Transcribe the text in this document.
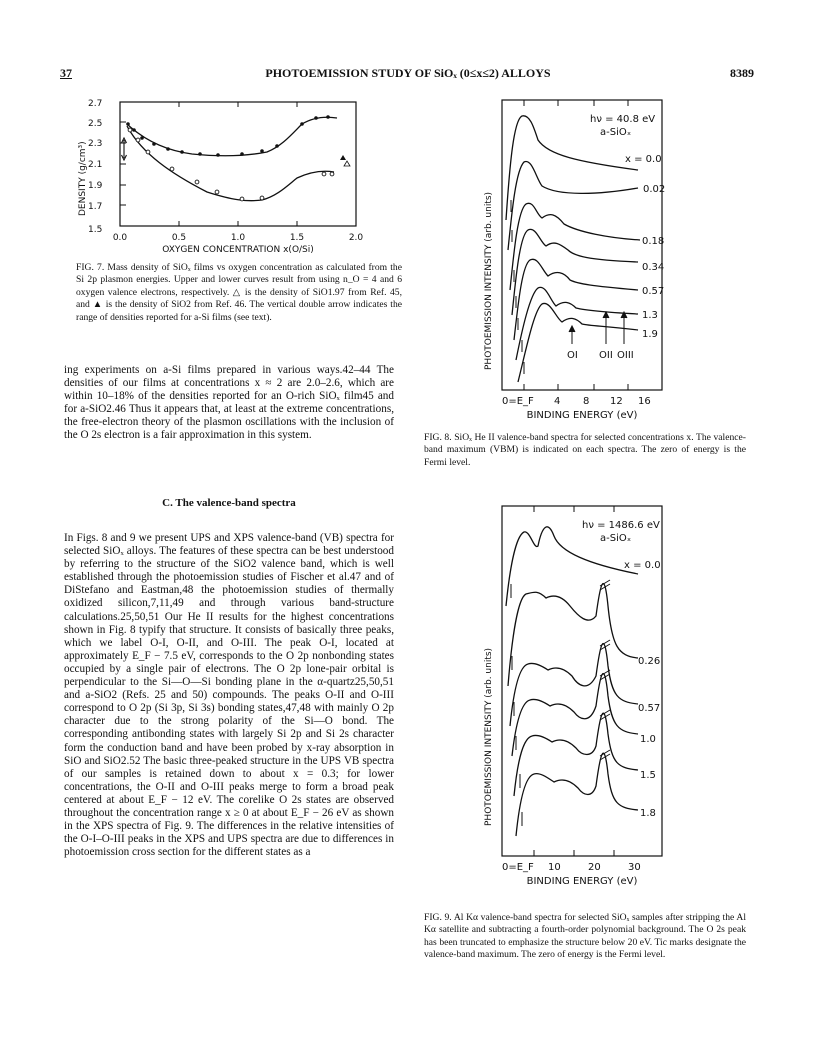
37	PHOTOEMISSION STUDY OF SiOₓ (0≤x≤2) ALLOYS	8389
2.7
2.5
2.3
2.1
1.9
1.7
1.5
0.0	0.5	1.0	1.5	2.0
OXYGEN CONCENTRATION x(O/Si)
DENSITY (g/cm³)
FIG. 7. Mass density of SiOₓ films vs oxygen concentration as calculated from the Si 2p plasmon energies. Upper and lower curves result from using n_O = 4 and 6 oxygen valence electrons, respectively. △ is the density of SiO1.97 from Ref. 45, and ▲ is the density of SiO2 from Ref. 46. The vertical double arrow indicates the range of densities reported for a-Si films (see text).	PHOTOEMISSION INTENSITY (arb. units)
0=E_F 4 8 12 16
BINDING ENERGY (eV)
hν = 40.8 eV
a-SiOₓ
x = 0.0
0.02
0.18
0.34
0.57
1.3
1.9
OI OII OIII
FIG. 8. SiOₓ He II valence-band spectra for selected concentrations x. The valence-band maximum (VBM) is indicated on each spectra. The zero of energy is the Fermi level.
PHOTOEMISSION INTENSITY (arb. units)
0=E_F 10	20	30
BINDING ENERGY (eV)
hν = 1486.6 eV
a-SiOₓ
x = 0.0
0.26
0.57
1.0
1.5
1.8
FIG. 9. Al Kα valence-band spectra for selected SiOₓ samples after stripping the Al Kα satellite and subtracting a fourth-order polynomial background. The O 2s peak has been truncated to emphasize the structure below 20 eV. Tic marks designate the valence-band maximum. The zero of energy is the Fermi level.
ing experiments on a-Si films prepared in various ways.42–44 The densities of our films at concentrations x ≈ 2 are 2.0–2.6, which are within 10–18% of the densities reported for an O-rich SiOₓ film45 and for a-SiO2.46 Thus it appears that, at least at the extreme concentrations, the free-electron theory of the plasmon oscillations with the inclusion of the O 2s electron is a fair approximation in this system.
C. The valence-band spectra
In Figs. 8 and 9 we present UPS and XPS valence-band (VB) spectra for selected SiOₓ alloys. The features of these spectra can be best understood by referring to the structure of the SiO2 valence band, which is well established through the photoemission studies of Fischer et al.47 and of DiStefano and Eastman,48 the photoemission studies of thermally oxidized silicon,7,11,49 and through various band-structure calculations.25,50,51 Our He II results for the highest concentrations shown in Fig. 8 typify that structure. It consists of basically three peaks, which we label O-I, O-II, and O-III. The peak O-I, located at approximately E_F − 7.5 eV, corresponds to the O 2p nonbonding states occupied by a single pair of electrons. The O 2p lone-pair orbital is perpendicular to the Si—O—Si bonding plane in the α-quartz25,50,51 and a-SiO2 (Refs. 25 and 50) compounds. The peaks O-II and O-III correspond to O 2p (Si 3p, Si 3s) bonding states,47,48 with mainly O 2p character due to the strong polarity of the Si—O bond. The corresponding antibonding states with largely Si 2p and Si 2s character form the conduction band and have been probed by x-ray absorption in SiO and SiO2.52 The basic three-peaked structure in the UPS VB spectra of our samples is retained down to about x = 0.3; for lower concentrations, the O-II and O-III peaks merge to form a broad peak centered at about E_F − 12 eV. The corelike O 2s states are observed throughout the concentration range x ≥ 0 at about E_F − 26 eV as shown in the XPS spectra of Fig. 9. The differences in the relative intensities of the O-I–O-III peaks in the XPS and UPS spectra are due to differences in photoemission cross section for the different states as a
